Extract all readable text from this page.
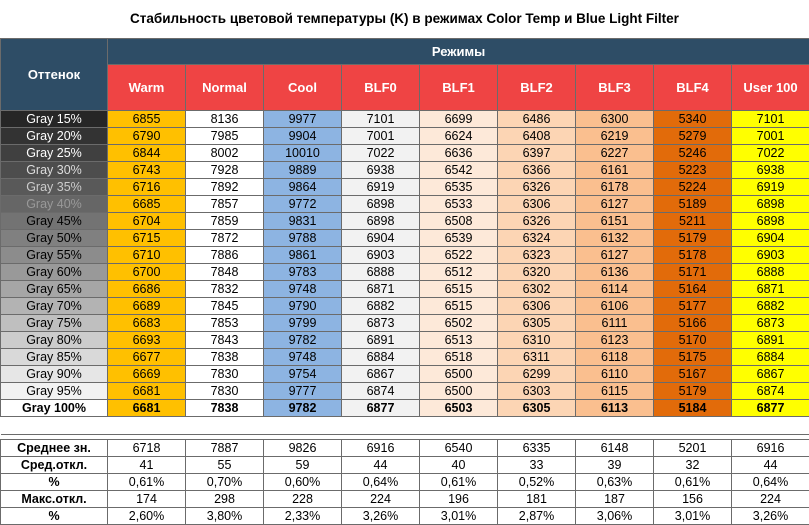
Стабильность цветовой температуры (K) в режимах Color Temp и Blue Light Filter
Оттенок	Режимы								
	Warm	Normal	Cool	BLF0	BLF1	BLF2	BLF3	BLF4	User 100
Gray 15%	6855	8136	9977	7101	6699	6486	6300	5340	7101
Gray 20%	6790	7985	9904	7001	6624	6408	6219	5279	7001
Gray 25%	6844	8002	10010	7022	6636	6397	6227	5246	7022
Gray 30%	6743	7928	9889	6938	6542	6366	6161	5223	6938
Gray 35%	6716	7892	9864	6919	6535	6326	6178	5224	6919
Gray 40%	6685	7857	9772	6898	6533	6306	6127	5189	6898
Gray 45%	6704	7859	9831	6898	6508	6326	6151	5211	6898
Gray 50%	6715	7872	9788	6904	6539	6324	6132	5179	6904
Gray 55%	6710	7886	9861	6903	6522	6323	6127	5178	6903
Gray 60%	6700	7848	9783	6888	6512	6320	6136	5171	6888
Gray 65%	6686	7832	9748	6871	6515	6302	6114	5164	6871
Gray 70%	6689	7845	9790	6882	6515	6306	6106	5177	6882
Gray 75%	6683	7853	9799	6873	6502	6305	6111	5166	6873
Gray 80%	6693	7843	9782	6891	6513	6310	6123	5170	6891
Gray 85%	6677	7838	9748	6884	6518	6311	6118	5175	6884
Gray 90%	6669	7830	9754	6867	6500	6299	6110	5167	6867
Gray 95%	6681	7830	9777	6874	6500	6303	6115	5179	6874
Gray 100%	6681	7838	9782	6877	6503	6305	6113	5184	6877

Среднее зн.	6718	7887	9826	6916	6540	6335	6148	5201	6916
Сред.откл.	41	55	59	44	40	33	39	32	44
%	0,61%	0,70%	0,60%	0,64%	0,61%	0,52%	0,63%	0,61%	0,64%
Макс.откл.	174	298	228	224	196	181	187	156	224
%	2,60%	3,80%	2,33%	3,26%	3,01%	2,87%	3,06%	3,01%	3,26%
